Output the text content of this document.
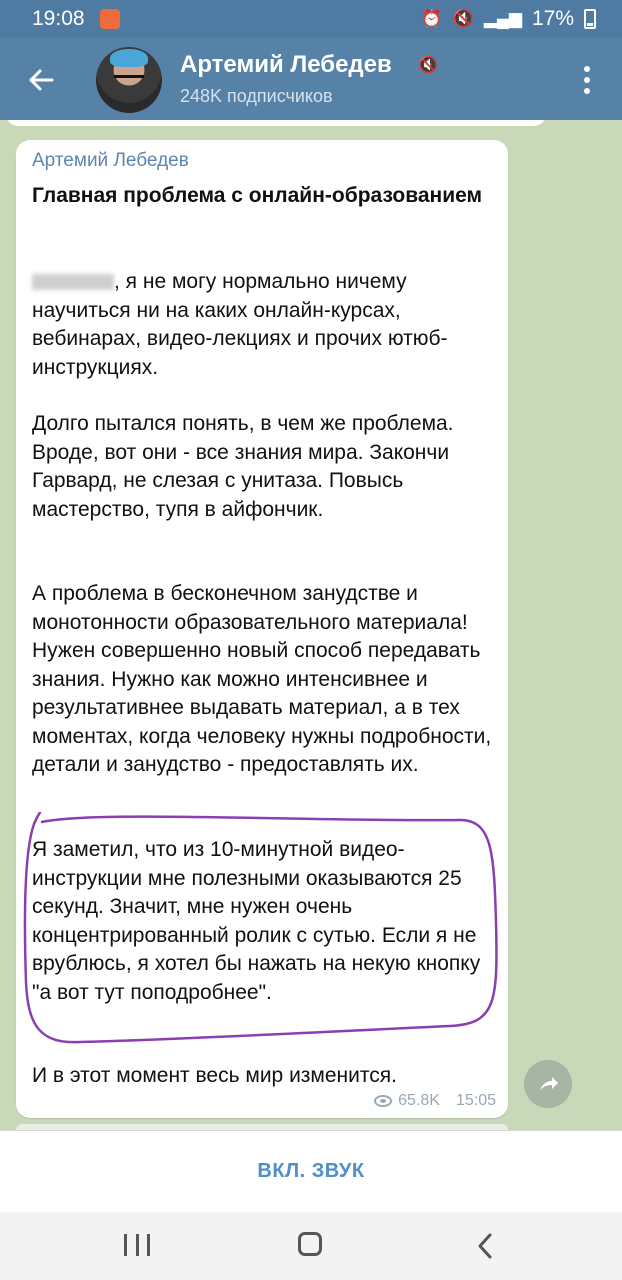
19:08	⏰ 🔇 ▂▄▆ 17%
Артемий Лебедев 🔇
248K подписчиков
Артемий Лебедев
Главная проблема с онлайн-образованием
, я не могу нормально ничему научиться ни на каких онлайн-курсах, вебинарах, видео-лекциях и прочих ютюб-инструкциях.
Долго пытался понять, в чем же проблема. Вроде, вот они - все знания мира. Закончи Гарвард, не слезая с унитаза. Повысь мастерство, тупя в айфончик.
А проблема в бесконечном занудстве и монотонности образовательного материала! Нужен совершенно новый способ передавать знания. Нужно как можно интенсивнее и результативнее выдавать материал, а в тех моментах, когда человеку нужны подробности, детали и занудство - предоставлять их.
Я заметил, что из 10-минутной видео-инструкции мне полезными оказываются 25 секунд. Значит, мне нужен очень концентрированный ролик с сутью. Если я не врублюсь, я хотел бы нажать на некую кнопку "а вот тут поподробнее".
И в этот момент весь мир изменится.
65.8K 15:05
ВКЛ. ЗВУК
